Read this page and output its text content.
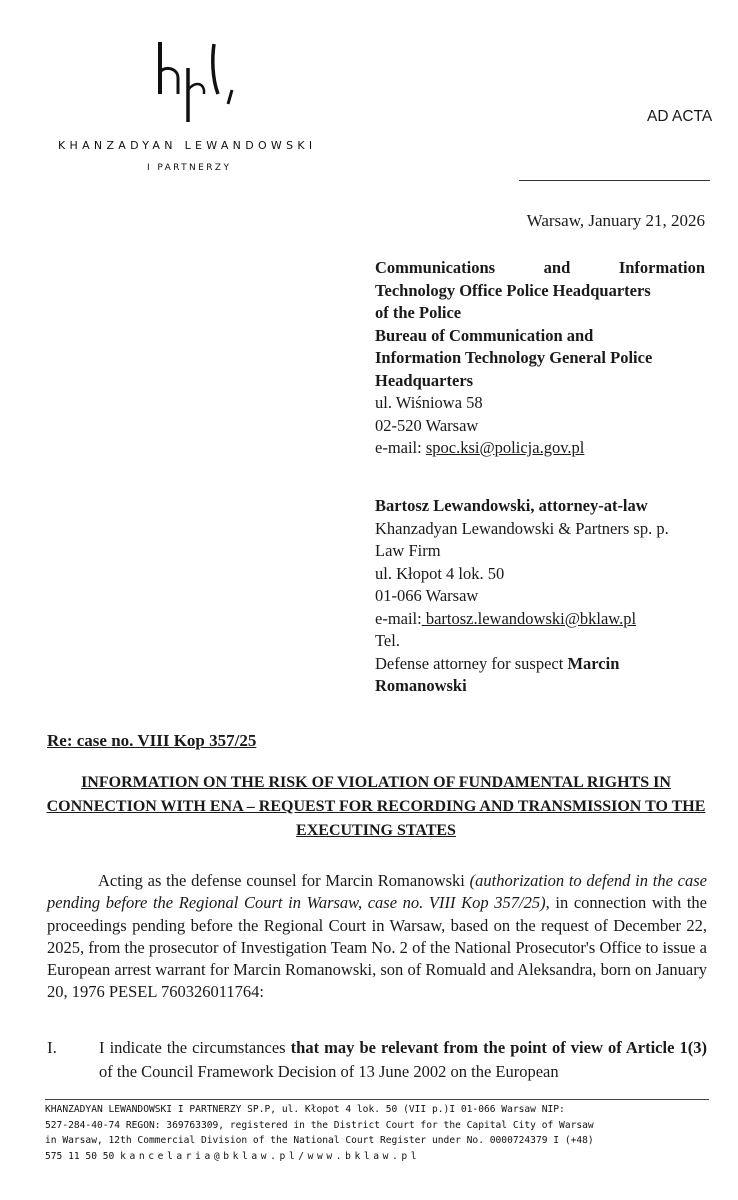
KHANZADYAN LEWANDOWSKI
I PARTNERZY
AD ACTA
Warsaw, January 21, 2026
Communications	and	Information
Technology Office Police Headquarters
of the Police
Bureau of Communication and
Information Technology General Police
Headquarters
ul. Wiśniowa 58
02-520 Warsaw
e-mail: spoc.ksi@policja.gov.pl
Bartosz Lewandowski, attorney-at-law
Khanzadyan Lewandowski & Partners sp. p.
Law Firm
ul. Kłopot 4 lok. 50
01-066 Warsaw
e-mail: bartosz.lewandowski@bklaw.pl
Tel.
Defense attorney for suspect Marcin
Romanowski
Re: case no. VIII Kop 357/25
INFORMATION ON THE RISK OF VIOLATION OF FUNDAMENTAL RIGHTS IN
CONNECTION WITH ENA – REQUEST FOR RECORDING AND TRANSMISSION TO THE
EXECUTING STATES
Acting as the defense counsel for Marcin Romanowski (authorization to defend in the case pending before the Regional Court in Warsaw, case no. VIII Kop 357/25), in connection with the proceedings pending before the Regional Court in Warsaw, based on the request of December 22, 2025, from the prosecutor of Investigation Team No. 2 of the National Prosecutor's Office to issue a European arrest warrant for Marcin Romanowski, son of Romuald and Aleksandra, born on January 20, 1976 PESEL 760326011764:
I.	I indicate the circumstances that may be relevant from the point of view of Article 1(3) of the Council Framework Decision of 13 June 2002 on the European
KHANZADYAN LEWANDOWSKI I PARTNERZY SP.P, ul. Kłopot 4 lok. 50 (VII p.)I 01-066 Warsaw NIP:
527-284-40-74 REGON: 369763309, registered in the District Court for the Capital City of Warsaw
in Warsaw, 12th Commercial Division of the National Court Register under No. 0000724379 I (+48)
575 11 50 50 kancelaria@bklaw.pl/www.bklaw.pl
